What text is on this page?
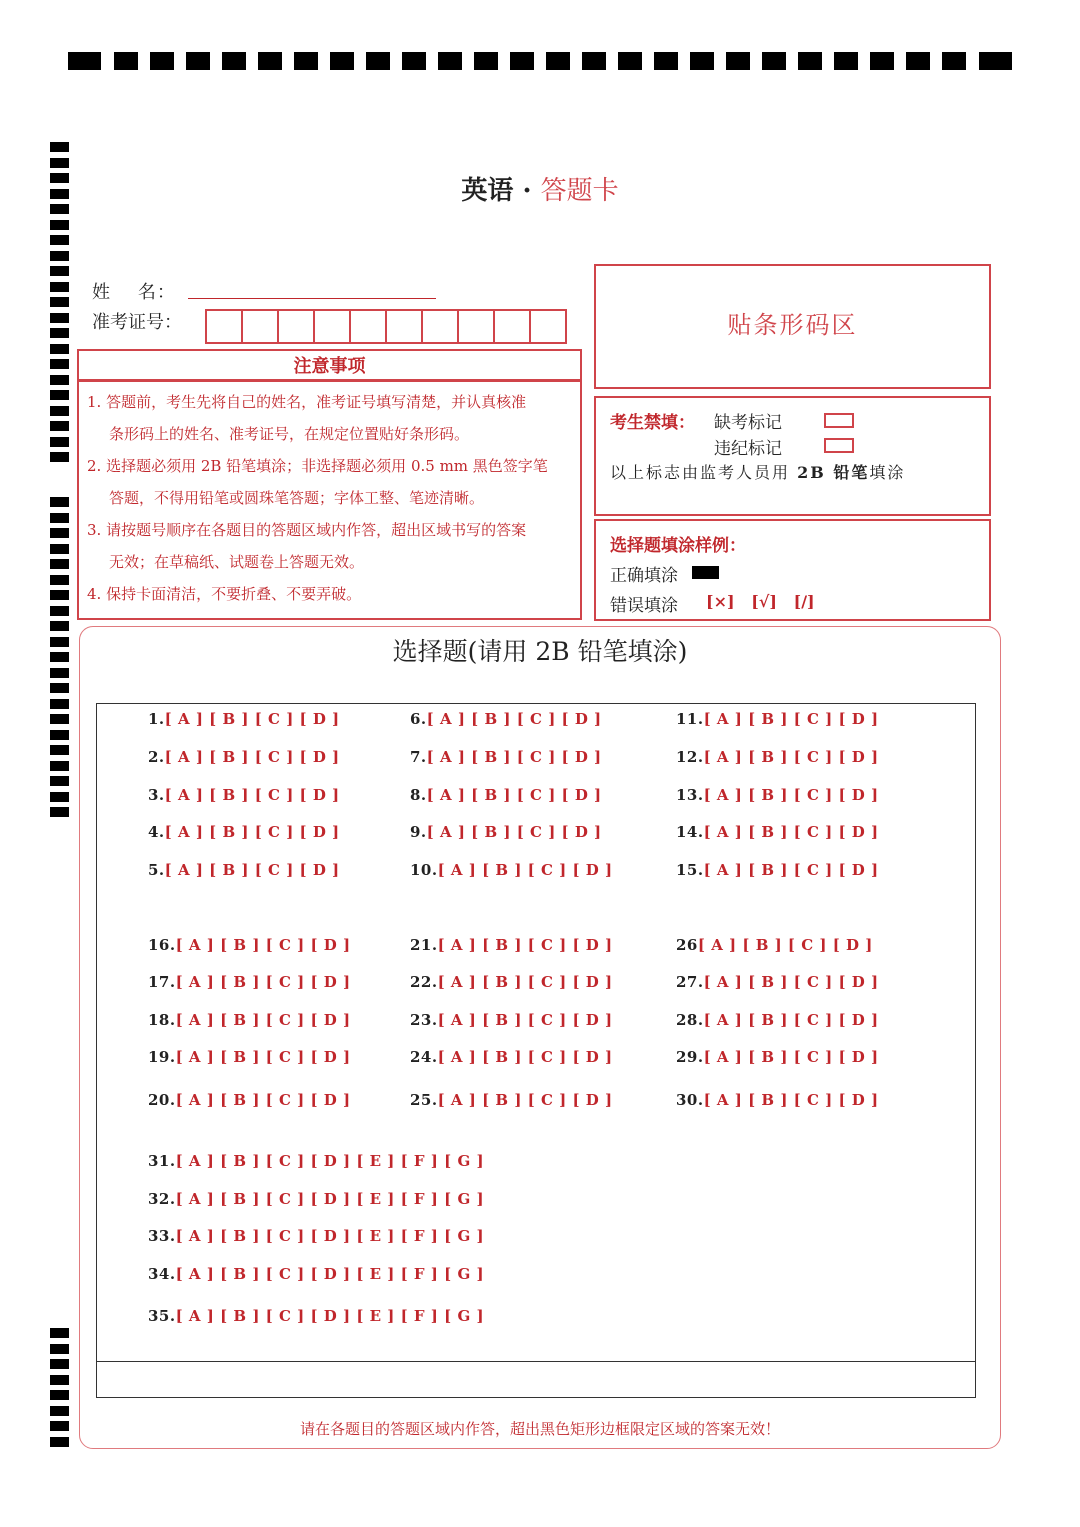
英语 · 答题卡
姓    名：
准考证号：
注意事项
1. 答题前，考生先将自己的姓名，准考证号填写清楚，并认真核准
条形码上的姓名、准考证号，在规定位置贴好条形码。
2. 选择题必须用 2B 铅笔填涂；非选择题必须用 0.5 mm 黑色签字笔
答题，不得用铅笔或圆珠笔答题；字体工整、笔迹清晰。
3. 请按题号顺序在各题目的答题区域内作答，超出区域书写的答案
无效；在草稿纸、试题卷上答题无效。
4. 保持卡面清洁，不要折叠、不要弄破。
贴条形码区
考生禁填： 缺考标记
违纪标记
以上标志由监考人员用 2B 铅笔填涂
选择题填涂样例：
正确填涂
错误填涂 [×]   [√]   [/]
选择题(请用 2B 铅笔填涂)
1.[ A ] [ B ] [ C ] [ D ]
2.[ A ] [ B ] [ C ] [ D ]
3.[ A ] [ B ] [ C ] [ D ]
4.[ A ] [ B ] [ C ] [ D ]
5.[ A ] [ B ] [ C ] [ D ]
6.[ A ] [ B ] [ C ] [ D ]
7.[ A ] [ B ] [ C ] [ D ]
8.[ A ] [ B ] [ C ] [ D ]
9.[ A ] [ B ] [ C ] [ D ]
10.[ A ] [ B ] [ C ] [ D ]
11.[ A ] [ B ] [ C ] [ D ]
12.[ A ] [ B ] [ C ] [ D ]
13.[ A ] [ B ] [ C ] [ D ]
14.[ A ] [ B ] [ C ] [ D ]
15.[ A ] [ B ] [ C ] [ D ]
16.[ A ] [ B ] [ C ] [ D ]
17.[ A ] [ B ] [ C ] [ D ]
18.[ A ] [ B ] [ C ] [ D ]
19.[ A ] [ B ] [ C ] [ D ]
20.[ A ] [ B ] [ C ] [ D ]
21.[ A ] [ B ] [ C ] [ D ]
22.[ A ] [ B ] [ C ] [ D ]
23.[ A ] [ B ] [ C ] [ D ]
24.[ A ] [ B ] [ C ] [ D ]
25.[ A ] [ B ] [ C ] [ D ]
26[ A ] [ B ] [ C ] [ D ]
27.[ A ] [ B ] [ C ] [ D ]
28.[ A ] [ B ] [ C ] [ D ]
29.[ A ] [ B ] [ C ] [ D ]
30.[ A ] [ B ] [ C ] [ D ]
31.[ A ] [ B ] [ C ] [ D ] [ E ] [ F ] [ G ]
32.[ A ] [ B ] [ C ] [ D ] [ E ] [ F ] [ G ]
33.[ A ] [ B ] [ C ] [ D ] [ E ] [ F ] [ G ]
34.[ A ] [ B ] [ C ] [ D ] [ E ] [ F ] [ G ]
35.[ A ] [ B ] [ C ] [ D ] [ E ] [ F ] [ G ]
请在各题目的答题区域内作答，超出黑色矩形边框限定区域的答案无效！
